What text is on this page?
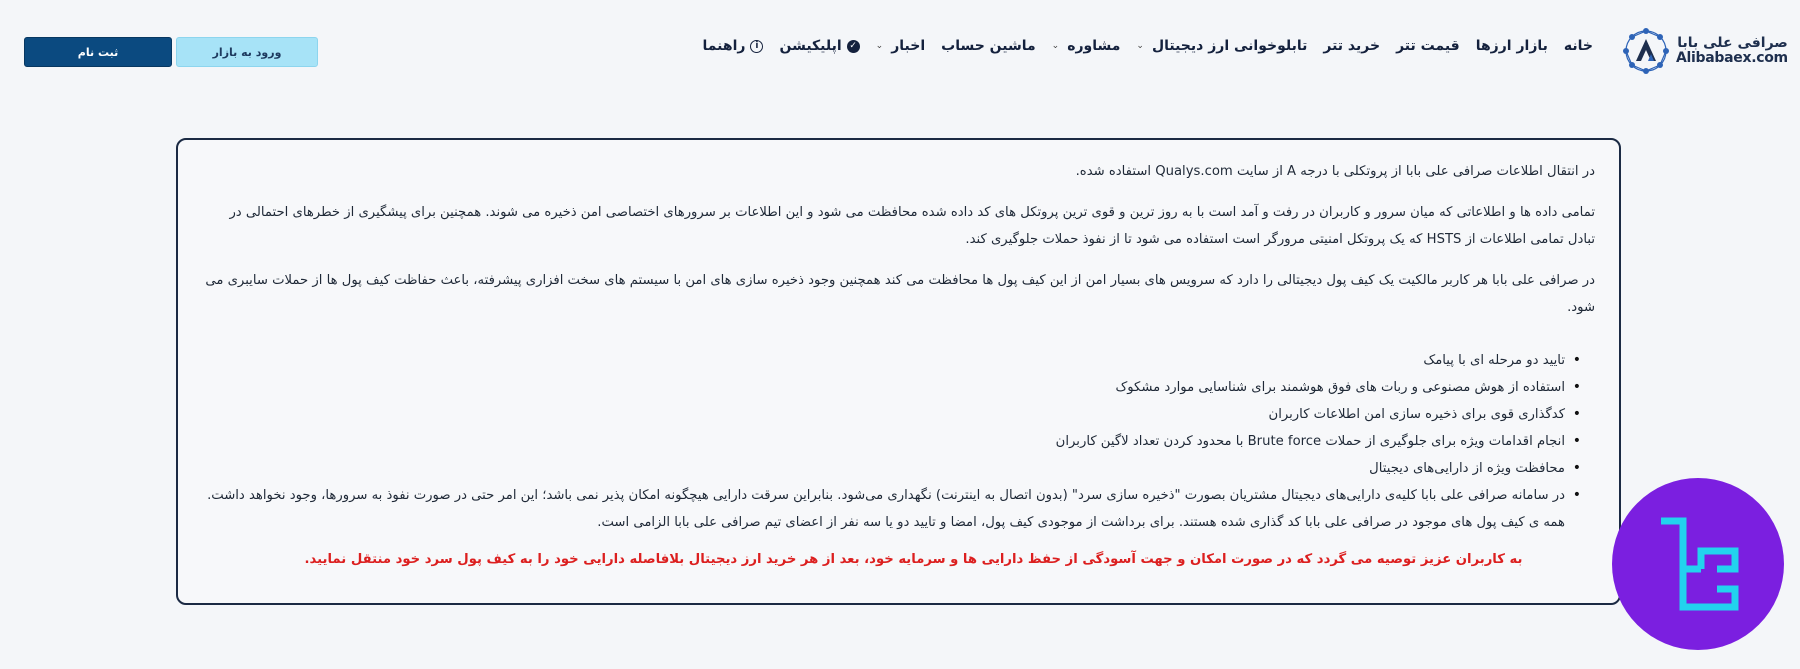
صرافی علی بابا
Alibabaex.com
خانه
بازار ارزها
قیمت تتر
خرید تتر
تابلوخوانی ارز دیجیتال
⌄
مشاوره
⌄
ماشین حساب
اخبار
⌄
✓
اپلیکیشن
i
راهنما
ورود به بازار
ثبت نام

در انتقال اطلاعات صرافی علی بابا از پروتکلی با درجه A از سایت Qualys.com استفاده شده.

تمامی داده ها و اطلاعاتی که میان سرور و کاربران در رفت و آمد است با به روز ترین و قوی ترین پروتکل های کد داده شده محافظت می شود و این اطلاعات بر سرورهای اختصاصی امن ذخیره می شوند. همچنین برای پیشگیری از خطرهای احتمالی در تبادل تمامی اطلاعات از HSTS که یک پروتکل امنیتی مرورگر است استفاده می شود تا از نفوذ حملات جلوگیری کند.

در صرافی علی بابا هر کاربر مالکیت یک کیف پول دیجیتالی را دارد که سرویس های بسیار امن از این کیف پول ها محافظت می کند همچنین وجود ذخیره سازی های امن با سیستم های سخت افزاری پیشرفته، باعث حفاظت کیف پول ها از حملات سایبری می شود.

• تایید دو مرحله ای با پیامک
• استفاده از هوش مصنوعی و ربات های فوق هوشمند برای شناسایی موارد مشکوک
• کدگذاری قوی برای ذخیره سازی امن اطلاعات کاربران
• انجام اقدامات ویژه برای جلوگیری از حملات Brute force با محدود کردن تعداد لاگین کاربران
• محافظت ویژه از دارایی‌های دیجیتال
• در سامانه صرافی علی بابا کلیه‌ی دارایی‌های دیجیتال مشتریان بصورت "ذخیره سازی سرد" (بدون اتصال به اینترنت) نگهداری می‌شود. بنابراین سرقت دارایی هیچگونه امکان پذیر نمی باشد؛ این امر حتی در صورت نفوذ به سرورها، وجود نخواهد داشت. همه ی کیف پول های موجود در صرافی علی بابا کد گذاری شده هستند. برای برداشت از موجودی کیف پول، امضا و تایید دو یا سه نفر از اعضای تیم صرافی علی بابا الزامی است.

به کاربران عزیز توصیه می گردد که در صورت امکان و جهت آسودگی از حفظ دارایی ها و سرمایه خود، بعد از هر خرید ارز دیجیتال بلافاصله دارایی خود را به کیف پول سرد خود منتقل نمایید.
